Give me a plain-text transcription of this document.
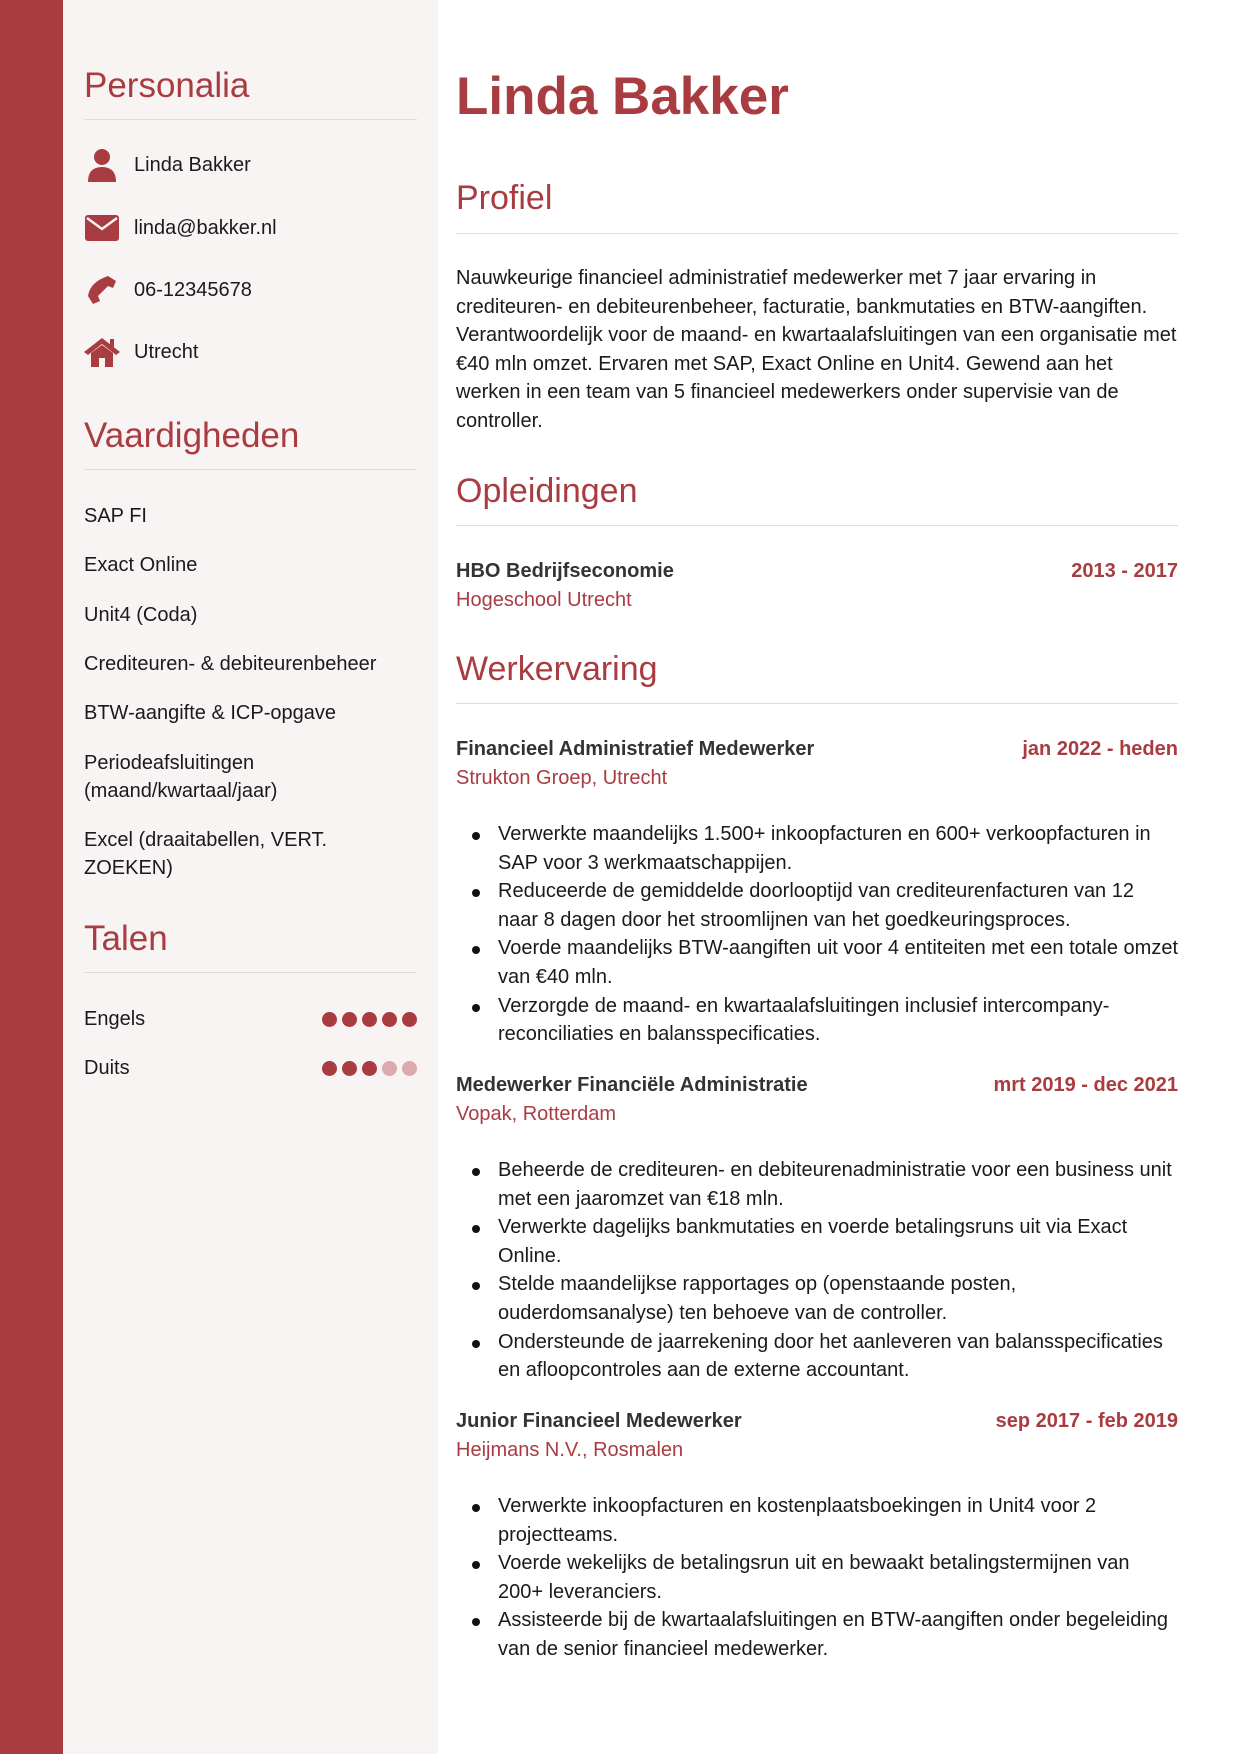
Personalia
Linda Bakker
linda@bakker.nl
06-12345678
Utrecht
Vaardigheden
SAP FI
Exact Online
Unit4 (Coda)
Crediteuren- & debiteurenbeheer
BTW-aangifte & ICP-opgave
Periodeafsluitingen (maand/kwartaal/jaar)
Excel (draaitabellen, VERT. ZOEKEN)
Talen
Engels
Duits
Linda Bakker
Profiel

Nauwkeurige financieel administratief medewerker met 7 jaar ervaring in crediteuren- en debiteurenbeheer, facturatie, bankmutaties en BTW-aangiften. Verantwoordelijk voor de maand- en kwartaalafsluitingen van een organisatie met €40 mln omzet. Ervaren met SAP, Exact Online en Unit4. Gewend aan het werken in een team van 5 financieel medewerkers onder supervisie van de controller.

Opleidingen
HBO Bedrijfseconomie	2013 - 2017
Hogeschool Utrecht
Werkervaring
Financieel Administratief Medewerker	jan 2022 - heden
Strukton Groep, Utrecht
Verwerkte maandelijks 1.500+ inkoopfacturen en 600+ verkoopfacturen in SAP voor 3 werkmaatschappijen.
Reduceerde de gemiddelde doorlooptijd van crediteurenfacturen van 12 naar 8 dagen door het stroomlijnen van het goedkeuringsproces.
Voerde maandelijks BTW-aangiften uit voor 4 entiteiten met een totale omzet van €40 mln.
Verzorgde de maand- en kwartaalafsluitingen inclusief intercompany-reconciliaties en balansspecificaties.
Medewerker Financiële Administratie	mrt 2019 - dec 2021
Vopak, Rotterdam
Beheerde de crediteuren- en debiteurenadministratie voor een business unit met een jaaromzet van €18 mln.
Verwerkte dagelijks bankmutaties en voerde betalingsruns uit via Exact Online.
Stelde maandelijkse rapportages op (openstaande posten, ouderdomsanalyse) ten behoeve van de controller.
Ondersteunde de jaarrekening door het aanleveren van balansspecificaties en afloopcontroles aan de externe accountant.
Junior Financieel Medewerker	sep 2017 - feb 2019
Heijmans N.V., Rosmalen
Verwerkte inkoopfacturen en kostenplaatsboekingen in Unit4 voor 2 projectteams.
Voerde wekelijks de betalingsrun uit en bewaakt betalingstermijnen van 200+ leveranciers.
Assisteerde bij de kwartaalafsluitingen en BTW-aangiften onder begeleiding van de senior financieel medewerker.
